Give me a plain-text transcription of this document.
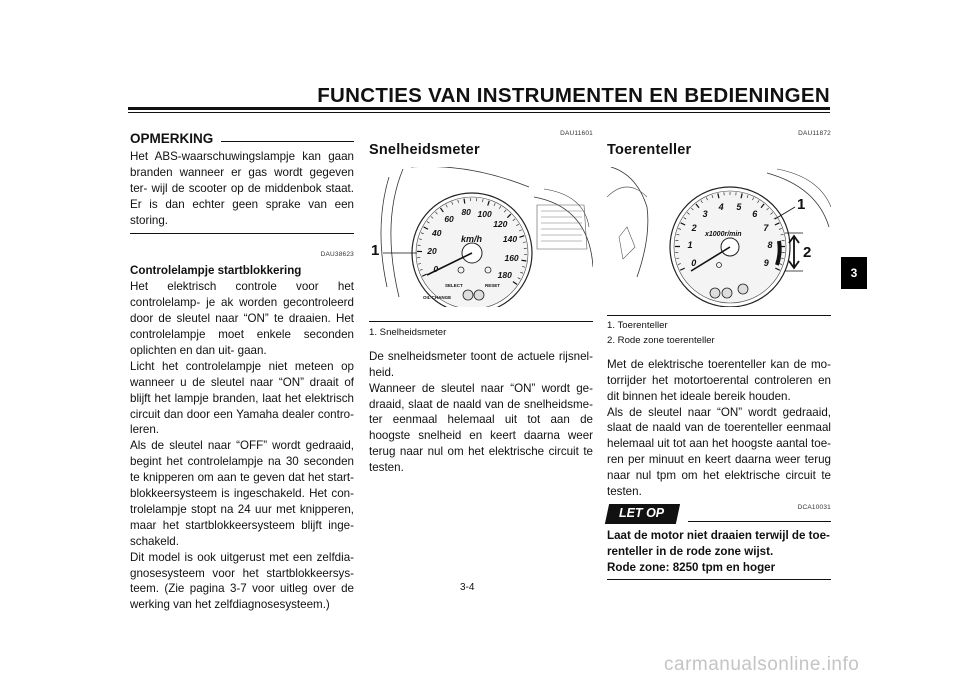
FUNCTIES VAN INSTRUMENTEN EN BEDIENINGEN
3
OPMERKING

Het ABS-waarschuwingslampje kan gaan branden wanneer er gas wordt gegeven ter- wijl de scooter op de middenbok staat. Er is dan echter geen sprake van een storing.

DAU38623
Controlelampje startblokkering

Het elektrisch controle voor het controlelamp- je ak worden gecontroleerd door de sleutel naar “ON” te draaien. Het controlelampje moet enkele seconden oplichten en dan uit- gaan.

Licht het controlelampje niet meteen op wanneer u de sleutel naar “ON” draait of blijft het lampje branden, laat het elektrisch circuit dan door een Yamaha dealer contro- leren.

Als de sleutel naar “OFF” wordt gedraaid, begint het controlelampje na 30 seconden te knipperen om aan te geven dat het start- blokkeersysteem is ingeschakeld. Het con- trolelampje stopt na 24 uur met knipperen, maar het startblokkeersysteem blijft inge- schakeld.

Dit model is ook uitgerust met een zelfdia- gnosesysteem voor het startblokkeersys- teem. (Zie pagina 3-7 voor uitleg over de werking van het zelfdiagnosesysteem.)

DAU11601
Snelheidsmeter
1
km/h
0
20
40
60
80 100
120
140
160
180
SELECT	RESET
OIL CHANGE
1. Snelheidsmeter

De snelheidsmeter toont de actuele rijsnel- heid.

Wanneer de sleutel naar “ON” wordt ge- draaid, slaat de naald van de snelheidsme- ter eenmaal helemaal uit tot aan de hoogste snelheid en keert daarna weer terug naar nul om het elektrische circuit te testen.

DAU11872
Toerenteller
1
2
x1000r/min
0
1
2
3
4 5
6
7
8
9
1. Toerenteller
2. Rode zone toerenteller

Met de elektrische toerenteller kan de mo- torrijder het motortoerental controleren en dit binnen het ideale bereik houden.

Als de sleutel naar “ON” wordt gedraaid, slaat de naald van de toerenteller eenmaal helemaal uit tot aan het hoogste aantal toe- ren per minuut en keert daarna weer terug naar nul tpm om het elektrische circuit te testen.

LET OP	DCA10031

Laat de motor niet draaien terwijl de toe- renteller in de rode zone wijst.

Rode zone: 8250 tpm en hoger

3-4
carmanualsonline.info
